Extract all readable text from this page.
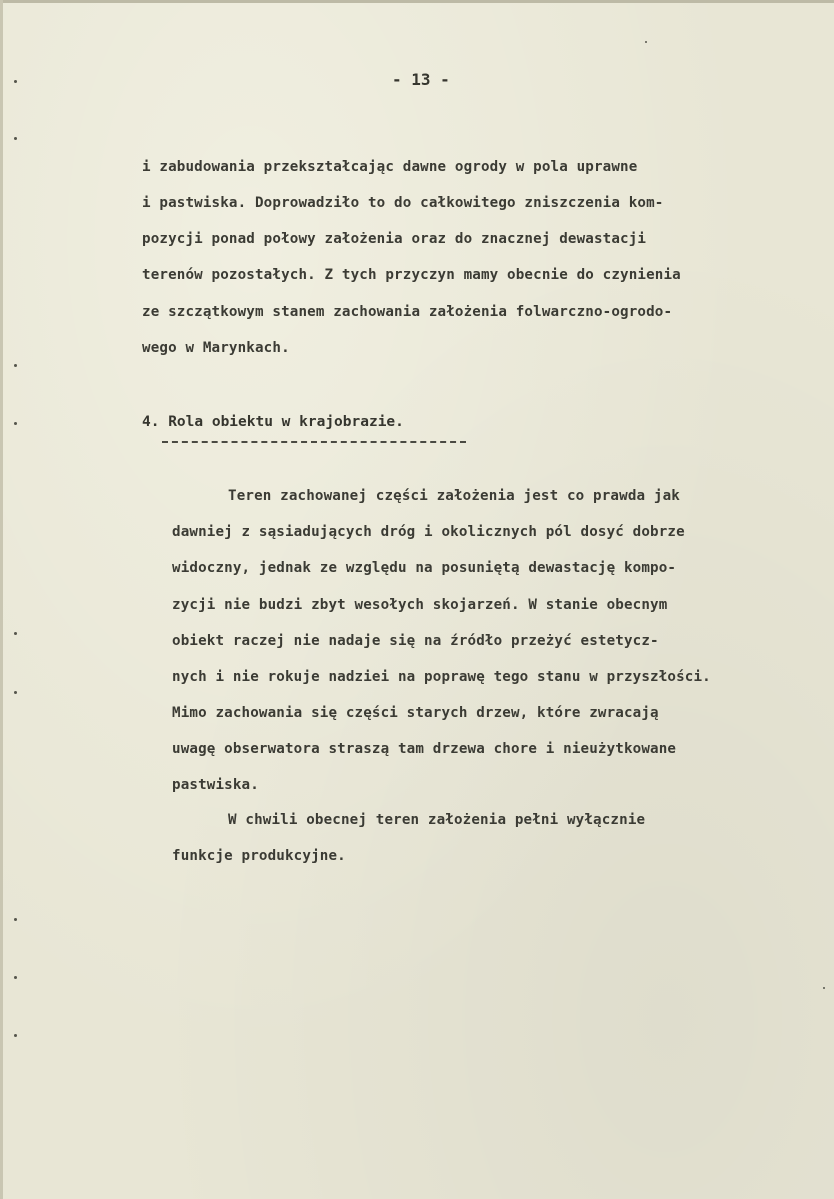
- 13 -
i zabudowania przekształcając dawne ogrody w pola uprawne
i pastwiska. Doprowadziło to do całkowitego zniszczenia kom-
pozycji ponad połowy założenia oraz do znacznej dewastacji
terenów pozostałych. Z tych przyczyn mamy obecnie do czynienia
ze szczątkowym stanem zachowania założenia folwarczno-ogrodo-
wego w Marynkach.
4. Rola obiektu w krajobrazie.
Teren zachowanej części założenia jest co prawda jak
dawniej z sąsiadujących dróg i okolicznych pól dosyć dobrze
widoczny, jednak ze względu na posuniętą dewastację kompo-
zycji nie budzi zbyt wesołych skojarzeń. W stanie obecnym
obiekt raczej nie nadaje się na źródło przeżyć estetycz-
nych i nie rokuje nadziei na poprawę tego stanu w przyszłości.
Mimo zachowania się części starych drzew, które zwracają
uwagę obserwatora straszą tam drzewa chore i nieużytkowane
pastwiska.
W chwili obecnej teren założenia pełni wyłącznie
funkcje produkcyjne.
